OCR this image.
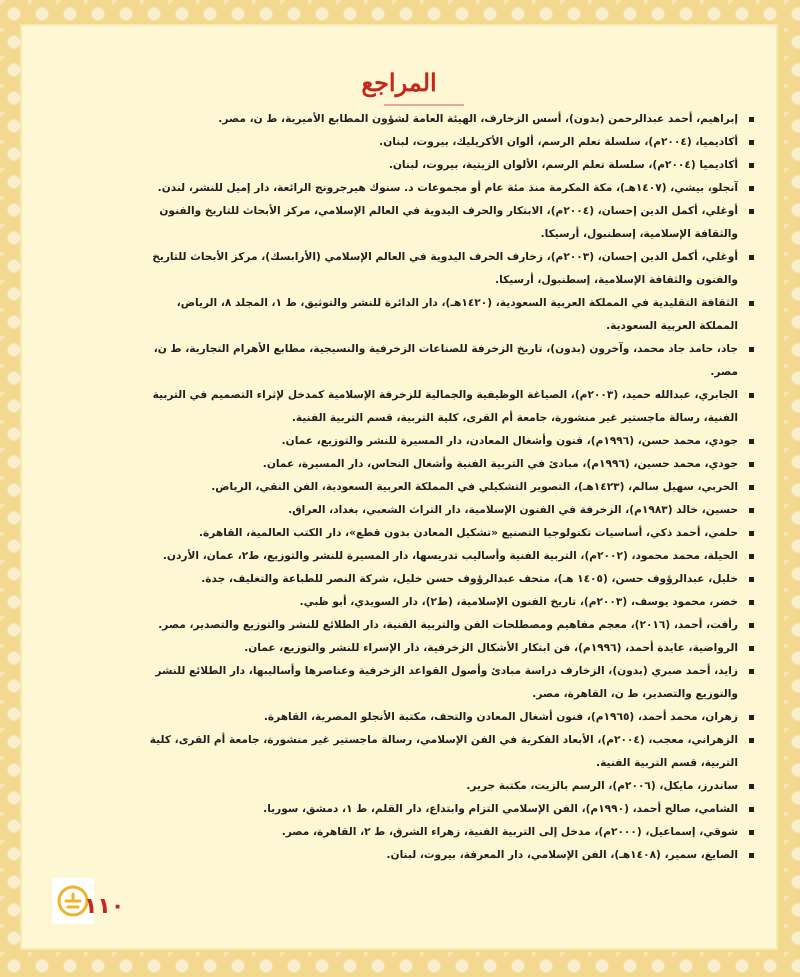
المراجع
إبراهيم، أحمد عبدالرحمن (بدون)، أسس الزخارف، الهيئة العامة لشؤون المطابع الأميرية، ط ن، مصر.
أكاديميا، (٢٠٠٤م)، سلسلة تعلم الرسم، ألوان الأكريليك، بيروت، لبنان.
أكاديميا (٢٠٠٤م)، سلسلة تعلم الرسم، الألوان الزيتية، بيروت، لبنان.
آنجلو، بيشي، (١٤٠٧هـ)، مكة المكرمة منذ مئة عام أو مجموعات د. سنوك هيرجرونج الرائعة، دار إميل للنشر، لندن.
أوغلي، أكمل الدين إحسان، (٢٠٠٤م)، الابتكار والحرف اليدوية في العالم الإسلامي، مركز الأبحاث للتاريخ والفنون والثقافة الإسلامية، إسطنبول، أرسيكا.
أوغلي، أكمل الدين إحسان، (٢٠٠٣م)، زخارف الحرف اليدوية في العالم الإسلامي (الأرابسك)، مركز الأبحاث للتاريخ والفنون والثقافة الإسلامية، إسطنبول، أرسيكا.
الثقافة التقليدية في المملكة العربية السعودية، (١٤٢٠هـ)، دار الدائرة للنشر والتوثيق، ط ١، المجلد ٨، الرياض، المملكة العربية السعودية.
جاد، حامد جاد محمد، وآخرون (بدون)، تاريخ الزخرفة للصناعات الزخرفية والنسيجية، مطابع الأهرام التجارية، ط ن، مصر.
الجابري، عبدالله حميد، (٢٠٠٣م)، الصياغة الوظيفية والجمالية للزخرفة الإسلامية كمدخل لإثراء التصميم في التربية الفنية، رسالة ماجستير غير منشورة، جامعة أم القرى، كلية التربية، قسم التربية الفنية.
جودي، محمد حسن، (١٩٩٦م)، فنون وأشغال المعادن، دار المسيرة للنشر والتوزيع، عمان.
جودي، محمد حسين، (١٩٩٦م)، مبادئ في التربية الفنية وأشغال النحاس، دار المسيرة، عمان.
الحربي، سهيل سالم، (١٤٢٣هـ)، التصوير التشكيلي في المملكة العربية السعودية، الفن النقي، الرياض.
حسين، خالد (١٩٨٣م)، الزخرفة في الفنون الإسلامية، دار التراث الشعبي، بغداد، العراق.
حلمي، أحمد ذكي، أساسيات تكنولوجيا التصنيع «تشكيل المعادن بدون قطع»، دار الكتب العالمية، القاهرة.
الحيلة، محمد محمود، (٢٠٠٢م)، التربية الفنية وأساليب تدريسها، دار المسيرة للنشر والتوزيع، ط٢، عمان، الأردن.
خليل، عبدالرؤوف حسن، (١٤٠٥ هـ)، متحف عبدالرؤوف حسن خليل، شركة النصر للطباعة والتغليف، جدة.
خضر، محمود يوسف، (٢٠٠٣م)، تاريخ الفنون الإسلامية، (ط٢)، دار السويدي، أبو ظبي.
رأفت، أحمد، (٢٠١٦)، معجم مفاهيم ومصطلحات الفن والتربية الفنية، دار الطلائع للنشر والتوزيع والتصدير، مصر.
الرواضية، عايدة أحمد، (١٩٩٦م)، فن ابتكار الأشكال الزخرفية، دار الإسراء للنشر والتوزيع، عمان.
زايد، أحمد صبري (بدون)، الزخارف دراسة مبادئ وأصول القواعد الزخرفية وعناصرها وأساليبها، دار الطلائع للنشر والتوزيع والتصدير، ط ن، القاهرة، مصر.
زهران، محمد أحمد، (١٩٦٥م)، فنون أشغال المعادن والتحف، مكتبة الأنجلو المصرية، القاهرة.
الزهراني، معجب، (٢٠٠٤م)، الأبعاد الفكرية في الفن الإسلامي، رسالة ماجستير غير منشورة، جامعة أم القرى، كلية التربية، قسم التربية الفنية.
ساندرز، مايكل، (٢٠٠٦م)، الرسم بالزيت، مكتبة جرير.
الشامي، صالح أحمد، (١٩٩٠م)، الفن الإسلامي التزام وابتداع، دار القلم، ط ١، دمشق، سوريا.
شوقي، إسماعيل، (٢٠٠٠م)، مدخل إلى التربية الفنية، زهراء الشرق، ط ٢، القاهرة، مصر.
الصايغ، سمير، (١٤٠٨هـ)، الفن الإسلامي، دار المعرفة، بيروت، لبنان.
١١٠
